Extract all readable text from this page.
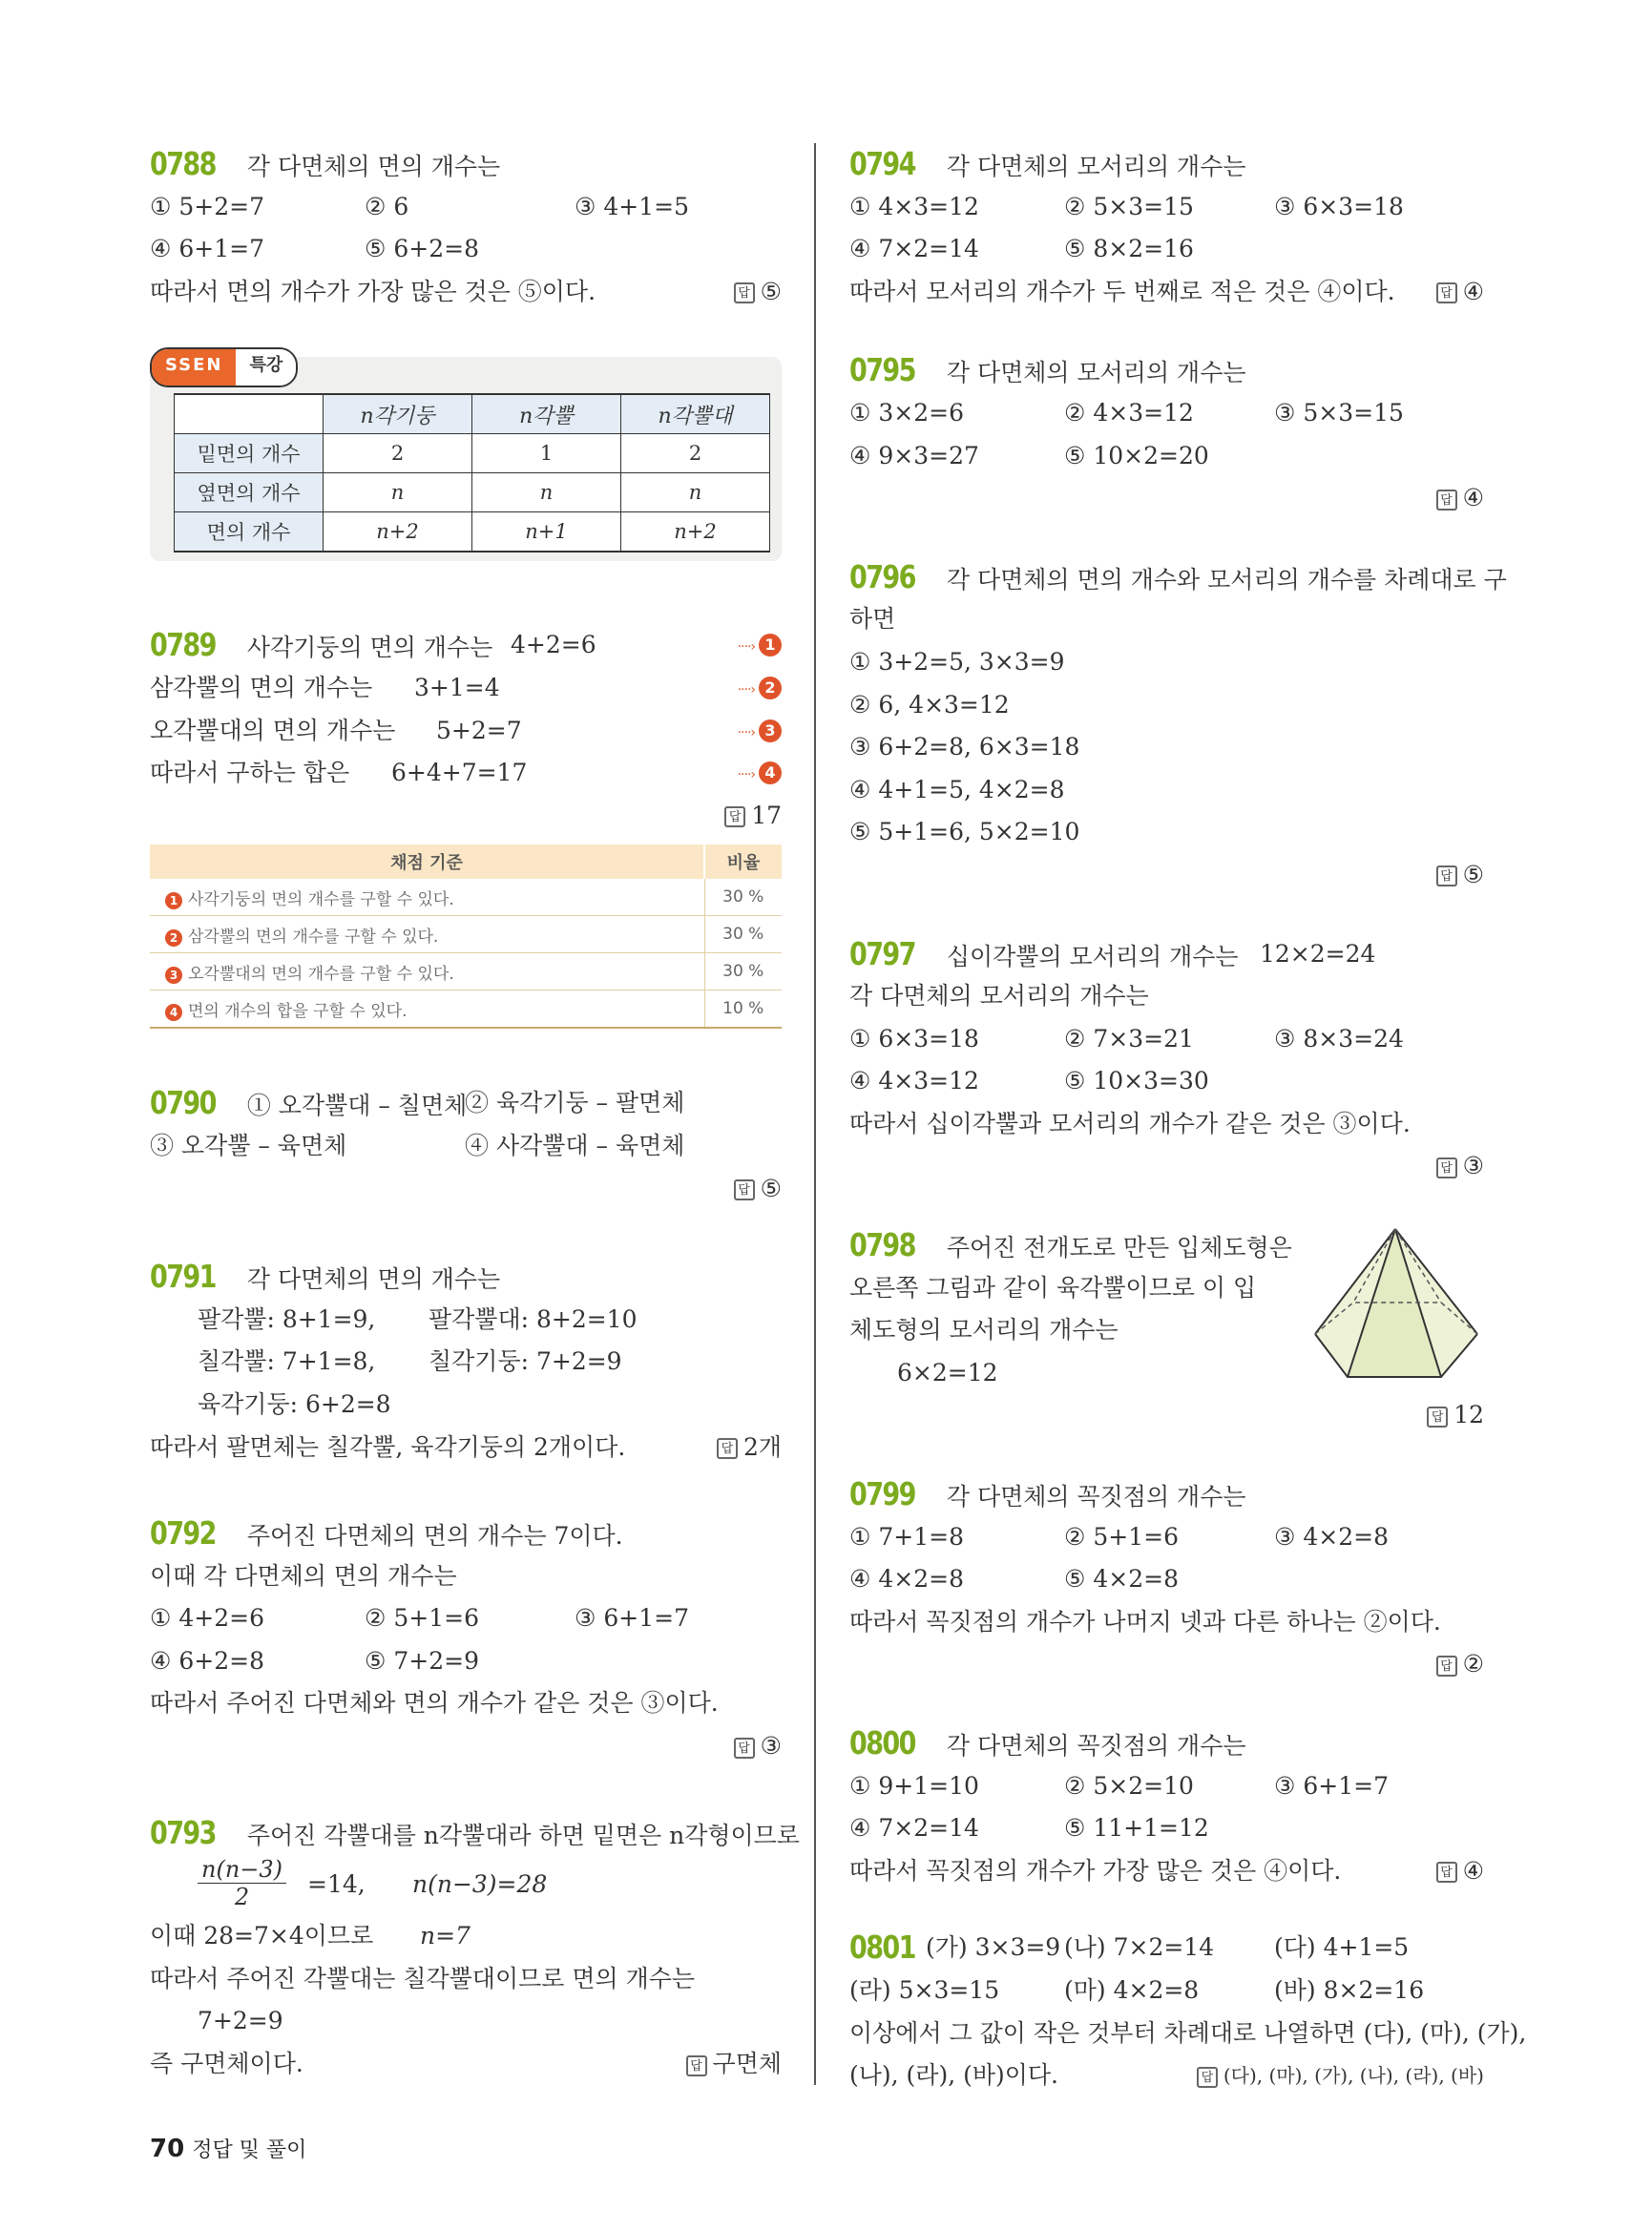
0788 각 다면체의 면의 개수는
① 5+2=7	② 6	③ 4+1=5
④ 6+1=7	⑤ 6+2=8
따라서 면의 개수가 가장 많은 것은 ⑤이다.	답 ⑤
SSEN	특강
	n각기둥	n각뿔	n각뿔대
밑면의 개수	2	1	2
옆면의 개수	n	n	n
면의 개수	n+2	n+1	n+2
0789 사각기둥의 면의 개수는 4+2=6	····› 1
삼각뿔의 면의 개수는 3+1=4	····› 2
오각뿔대의 면의 개수는 5+2=7	····› 3
따라서 구하는 합은 6+4+7=17	····› 4
답 17
채점 기준	비율
1 사각기둥의 면의 개수를 구할 수 있다.	30 %
2 삼각뿔의 면의 개수를 구할 수 있다.	30 %
3 오각뿔대의 면의 개수를 구할 수 있다.	30 %
4 면의 개수의 합을 구할 수 있다.	10 %
0790 ① 오각뿔대 – 칠면체
② 육각기둥 – 팔면체
③ 오각뿔 – 육면체	④ 사각뿔대 – 육면체
답 ⑤
0791 각 다면체의 면의 개수는
팔각뿔: 8+1=9, 팔각뿔대: 8+2=10
칠각뿔: 7+1=8, 칠각기둥: 7+2=9
육각기둥: 6+2=8
따라서 팔면체는 칠각뿔, 육각기둥의 2개이다.	답 2개
0792 주어진 다면체의 면의 개수는 7이다.
이때 각 다면체의 면의 개수는
① 4+2=6	② 5+1=6	③ 6+1=7
④ 6+2=8	⑤ 7+2=9
따라서 주어진 다면체와 면의 개수가 같은 것은 ③이다.
답 ③
0793 주어진 각뿔대를 n각뿔대라 하면 밑면은 n각형이므로
$\frac{n(n-3)}{2} =14$, n(n−3)=28
이때 28=7×4이므로 n=7
따라서 주어진 각뿔대는 칠각뿔대이므로 면의 개수는
7+2=9
즉 구면체이다.	답 구면체
0794 각 다면체의 모서리의 개수는
① 4×3=12	② 5×3=15	③ 6×3=18
④ 7×2=14	⑤ 8×2=16
따라서 모서리의 개수가 두 번째로 적은 것은 ④이다.	답 ④
0795 각 다면체의 모서리의 개수는
① 3×2=6	② 4×3=12	③ 5×3=15
④ 9×3=27	⑤ 10×2=20
답 ④
0796 각 다면체의 면의 개수와 모서리의 개수를 차례대로 구
하면
① 3+2=5, 3×3=9
② 6, 4×3=12
③ 6+2=8, 6×3=18
④ 4+1=5, 4×2=8
⑤ 5+1=6, 5×2=10
답 ⑤
0797 십이각뿔의 모서리의 개수는 12×2=24
각 다면체의 모서리의 개수는
① 6×3=18	② 7×3=21	③ 8×3=24
④ 4×3=12	⑤ 10×3=30
따라서 십이각뿔과 모서리의 개수가 같은 것은 ③이다.
답 ③
0798 주어진 전개도로 만든 입체도형은
오른쪽 그림과 같이 육각뿔이므로 이 입
체도형의 모서리의 개수는
6×2=12
답 12
0799 각 다면체의 꼭짓점의 개수는
① 7+1=8	② 5+1=6	③ 4×2=8
④ 4×2=8	⑤ 4×2=8
따라서 꼭짓점의 개수가 나머지 넷과 다른 하나는 ②이다.
답 ②
0800 각 다면체의 꼭짓점의 개수는
① 9+1=10	② 5×2=10	③ 6+1=7
④ 7×2=14	⑤ 11+1=12
따라서 꼭짓점의 개수가 가장 많은 것은 ④이다.	답 ④
0801 (가) 3×3=9 (나) 7×2=14	(다) 4+1=5
(라) 5×3=15	(마) 4×2=8	(바) 8×2=16
이상에서 그 값이 작은 것부터 차례대로 나열하면 (다), (마), (가),
(나), (라), (바)이다.	답 (다), (마), (가), (나), (라), (바)
70 정답 및 풀이
